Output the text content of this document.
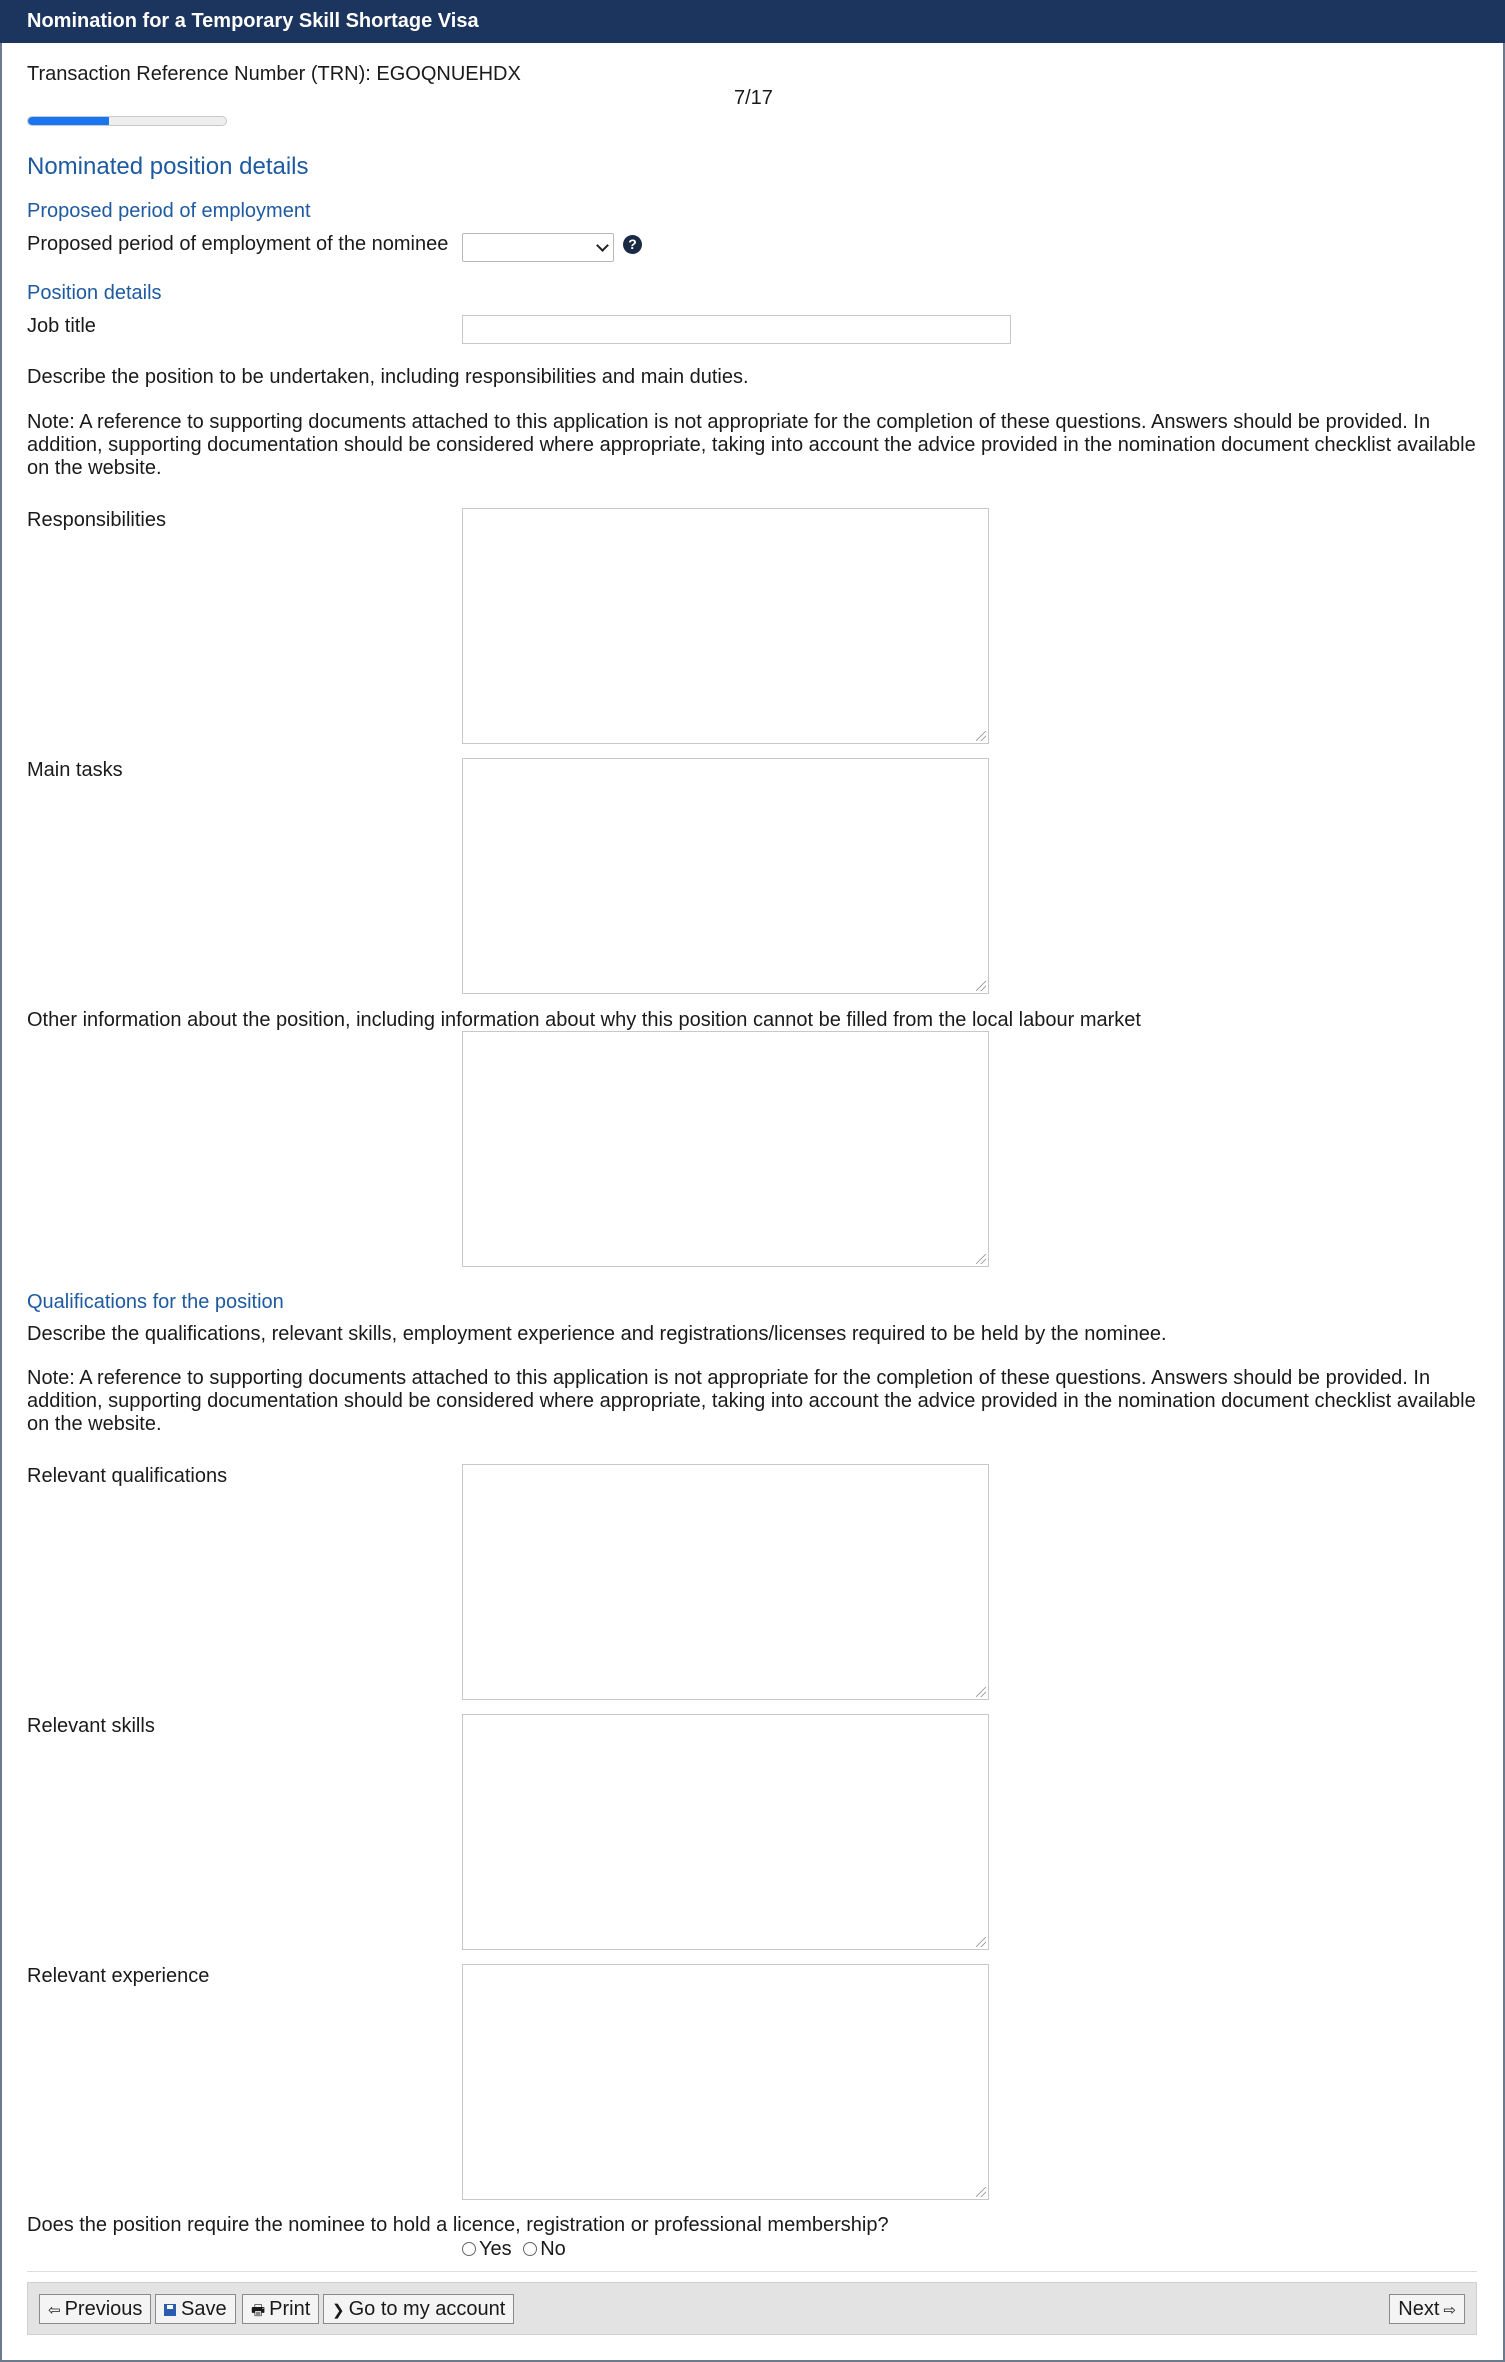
Nomination for a Temporary Skill Shortage Visa
Transaction Reference Number (TRN): EGOQNUEHDX
7/17
Nominated position details
Proposed period of employment
Proposed period of employment of the nominee	?
Position details
Job title
Describe the position to be undertaken, including responsibilities and main duties.
Note: A reference to supporting documents attached to this application is not appropriate for the completion of these questions. Answers should be provided. In addition, supporting documentation should be considered where appropriate, taking into account the advice provided in the nomination document checklist available on the website.
Responsibilities
Main tasks
Other information about the position, including information about why this position cannot be filled from the local labour market
Qualifications for the position
Describe the qualifications, relevant skills, employment experience and registrations/licenses required to be held by the nominee.
Note: A reference to supporting documents attached to this application is not appropriate for the completion of these questions. Answers should be provided. In addition, supporting documentation should be considered where appropriate, taking into account the advice provided in the nomination document checklist available on the website.
Relevant qualifications
Relevant skills
Relevant experience
Does the position require the nominee to hold a licence, registration or professional membership?
Yes No
⇦ Previous	Save	🖶 Print	❯ Go to my account	Next ⇨
